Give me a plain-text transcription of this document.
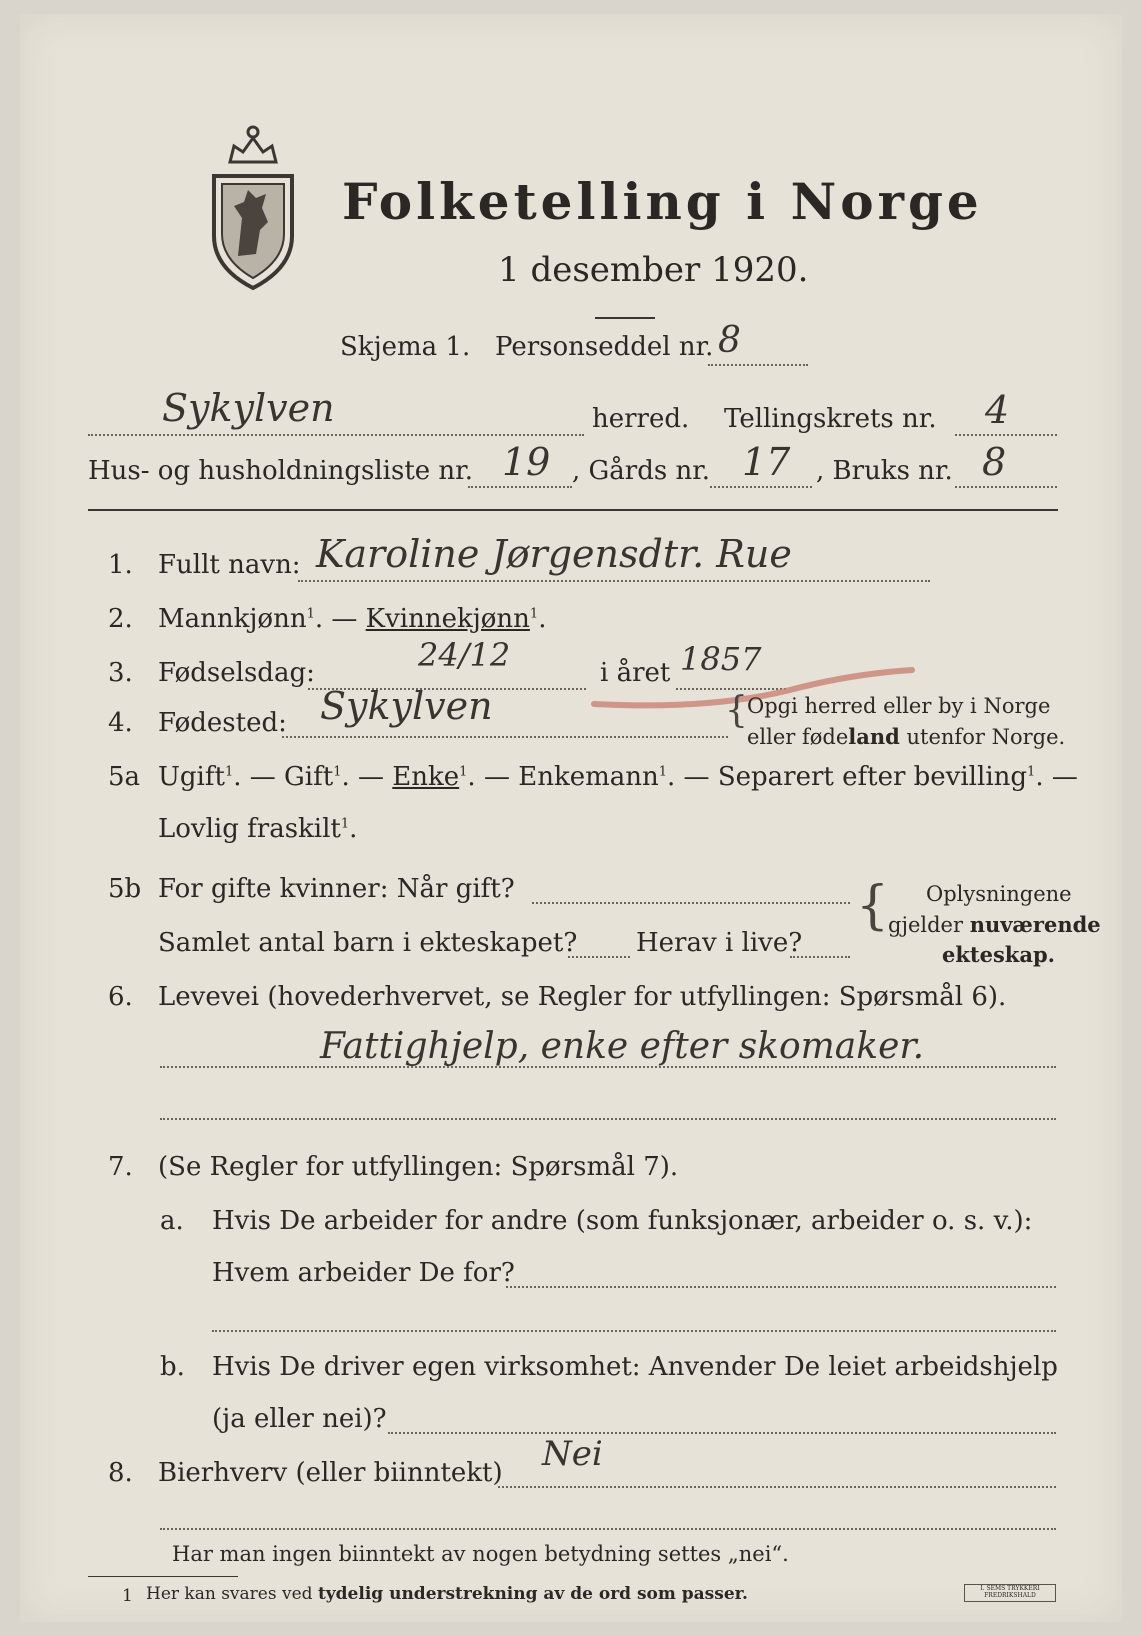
Folketelling i Norge
1 desember 1920.
Skjema 1. Personseddel nr. 8
Sykylven	herred. Tellingskrets nr. 4
Hus- og husholdningsliste nr. 19 , Gårds nr. 17 , Bruks nr. 8
1. Fullt navn: Karoline Jørgensdtr. Rue
2. Mannkjønn$^1$. — Kvinnekjønn$^1$.
3. Fødselsdag:	24/12	i året 1857
4. Fødested: Sykylven	{ Opgi herred eller by i Norge
eller fødeland utenfor Norge.
5a Ugift$^1$. — Gift$^1$. — Enke$^1$. — Enkemann$^1$. — Separert efter bevilling$^1$. —
Lovlig fraskilt$^1$.
5b For gifte kvinner: Når gift?
Samlet antal barn i ekteskapet? Herav i live?
{ Oplysningene
gjelder nuværende
ekteskap.
6. Levevei (hovederhvervet, se Regler for utfyllingen: Spørsmål 6).
Fattighjelp, enke efter skomaker.
7. (Se Regler for utfyllingen: Spørsmål 7).
a. Hvis De arbeider for andre (som funksjonær, arbeider o. s. v.):
Hvem arbeider De for?
b. Hvis De driver egen virksomhet: Anvender De leiet arbeidshjelp
(ja eller nei)?
8. Bierhverv (eller biinntekt) Nei
Har man ingen biinntekt av nogen betydning settes „nei“.
1 Her kan svares ved tydelig understrekning av de ord som passer.	I. SEMS TRYKKERI FREDRIKSHALD
